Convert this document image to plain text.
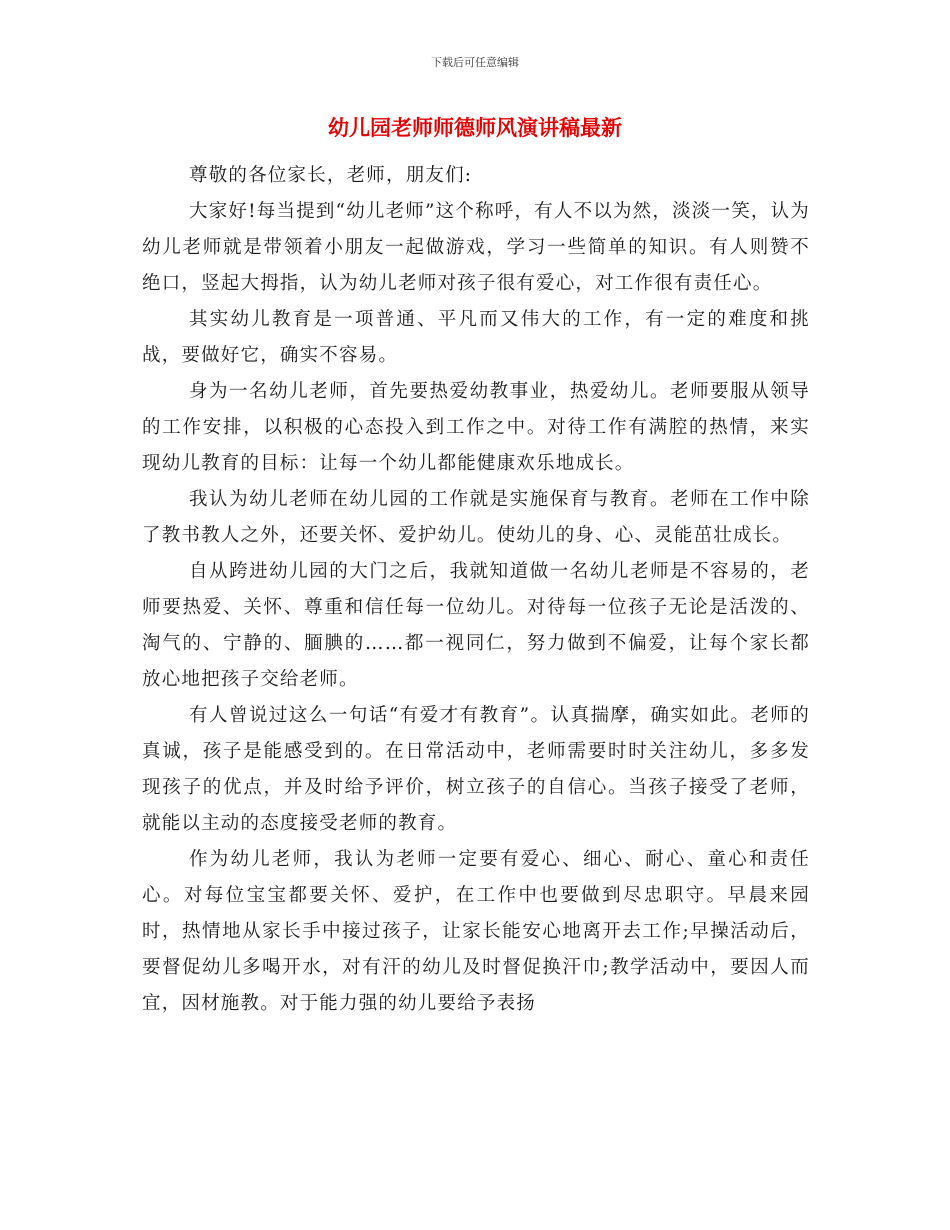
下载后可任意编辑
幼儿园老师师德师风演讲稿最新

尊敬的各位家长，老师，朋友们:

大家好!每当提到“幼儿老师”这个称呼，有人不以为然，淡淡一笑，认为幼儿老师就是带领着小朋友一起做游戏，学习一些简单的知识。有人则赞不绝口，竖起大拇指，认为幼儿老师对孩子很有爱心，对工作很有责任心。

其实幼儿教育是一项普通、平凡而又伟大的工作，有一定的难度和挑战，要做好它，确实不容易。

身为一名幼儿老师，首先要热爱幼教事业，热爱幼儿。老师要服从领导的工作安排，以积极的心态投入到工作之中。对待工作有满腔的热情，来实现幼儿教育的目标：让每一个幼儿都能健康欢乐地成长。

我认为幼儿老师在幼儿园的工作就是实施保育与教育。老师在工作中除了教书教人之外，还要关怀、爱护幼儿。使幼儿的身、心、灵能茁壮成长。

自从跨进幼儿园的大门之后，我就知道做一名幼儿老师是不容易的，老师要热爱、关怀、尊重和信任每一位幼儿。对待每一位孩子无论是活泼的、淘气的、宁静的、腼腆的……都一视同仁，努力做到不偏爱，让每个家长都放心地把孩子交给老师。

有人曾说过这么一句话“有爱才有教育”。认真揣摩，确实如此。老师的真诚，孩子是能感受到的。在日常活动中，老师需要时时关注幼儿，多多发现孩子的优点，并及时给予评价，树立孩子的自信心。当孩子接受了老师，就能以主动的态度接受老师的教育。

作为幼儿老师，我认为老师一定要有爱心、细心、耐心、童心和责任心。对每位宝宝都要关怀、爱护，在工作中也要做到尽忠职守。早晨来园时，热情地从家长手中接过孩子，让家长能安心地离开去工作;早操活动后，要督促幼儿多喝开水，对有汗的幼儿及时督促换汗巾;教学活动中，要因人而宜，因材施教。对于能力强的幼儿要给予表扬
